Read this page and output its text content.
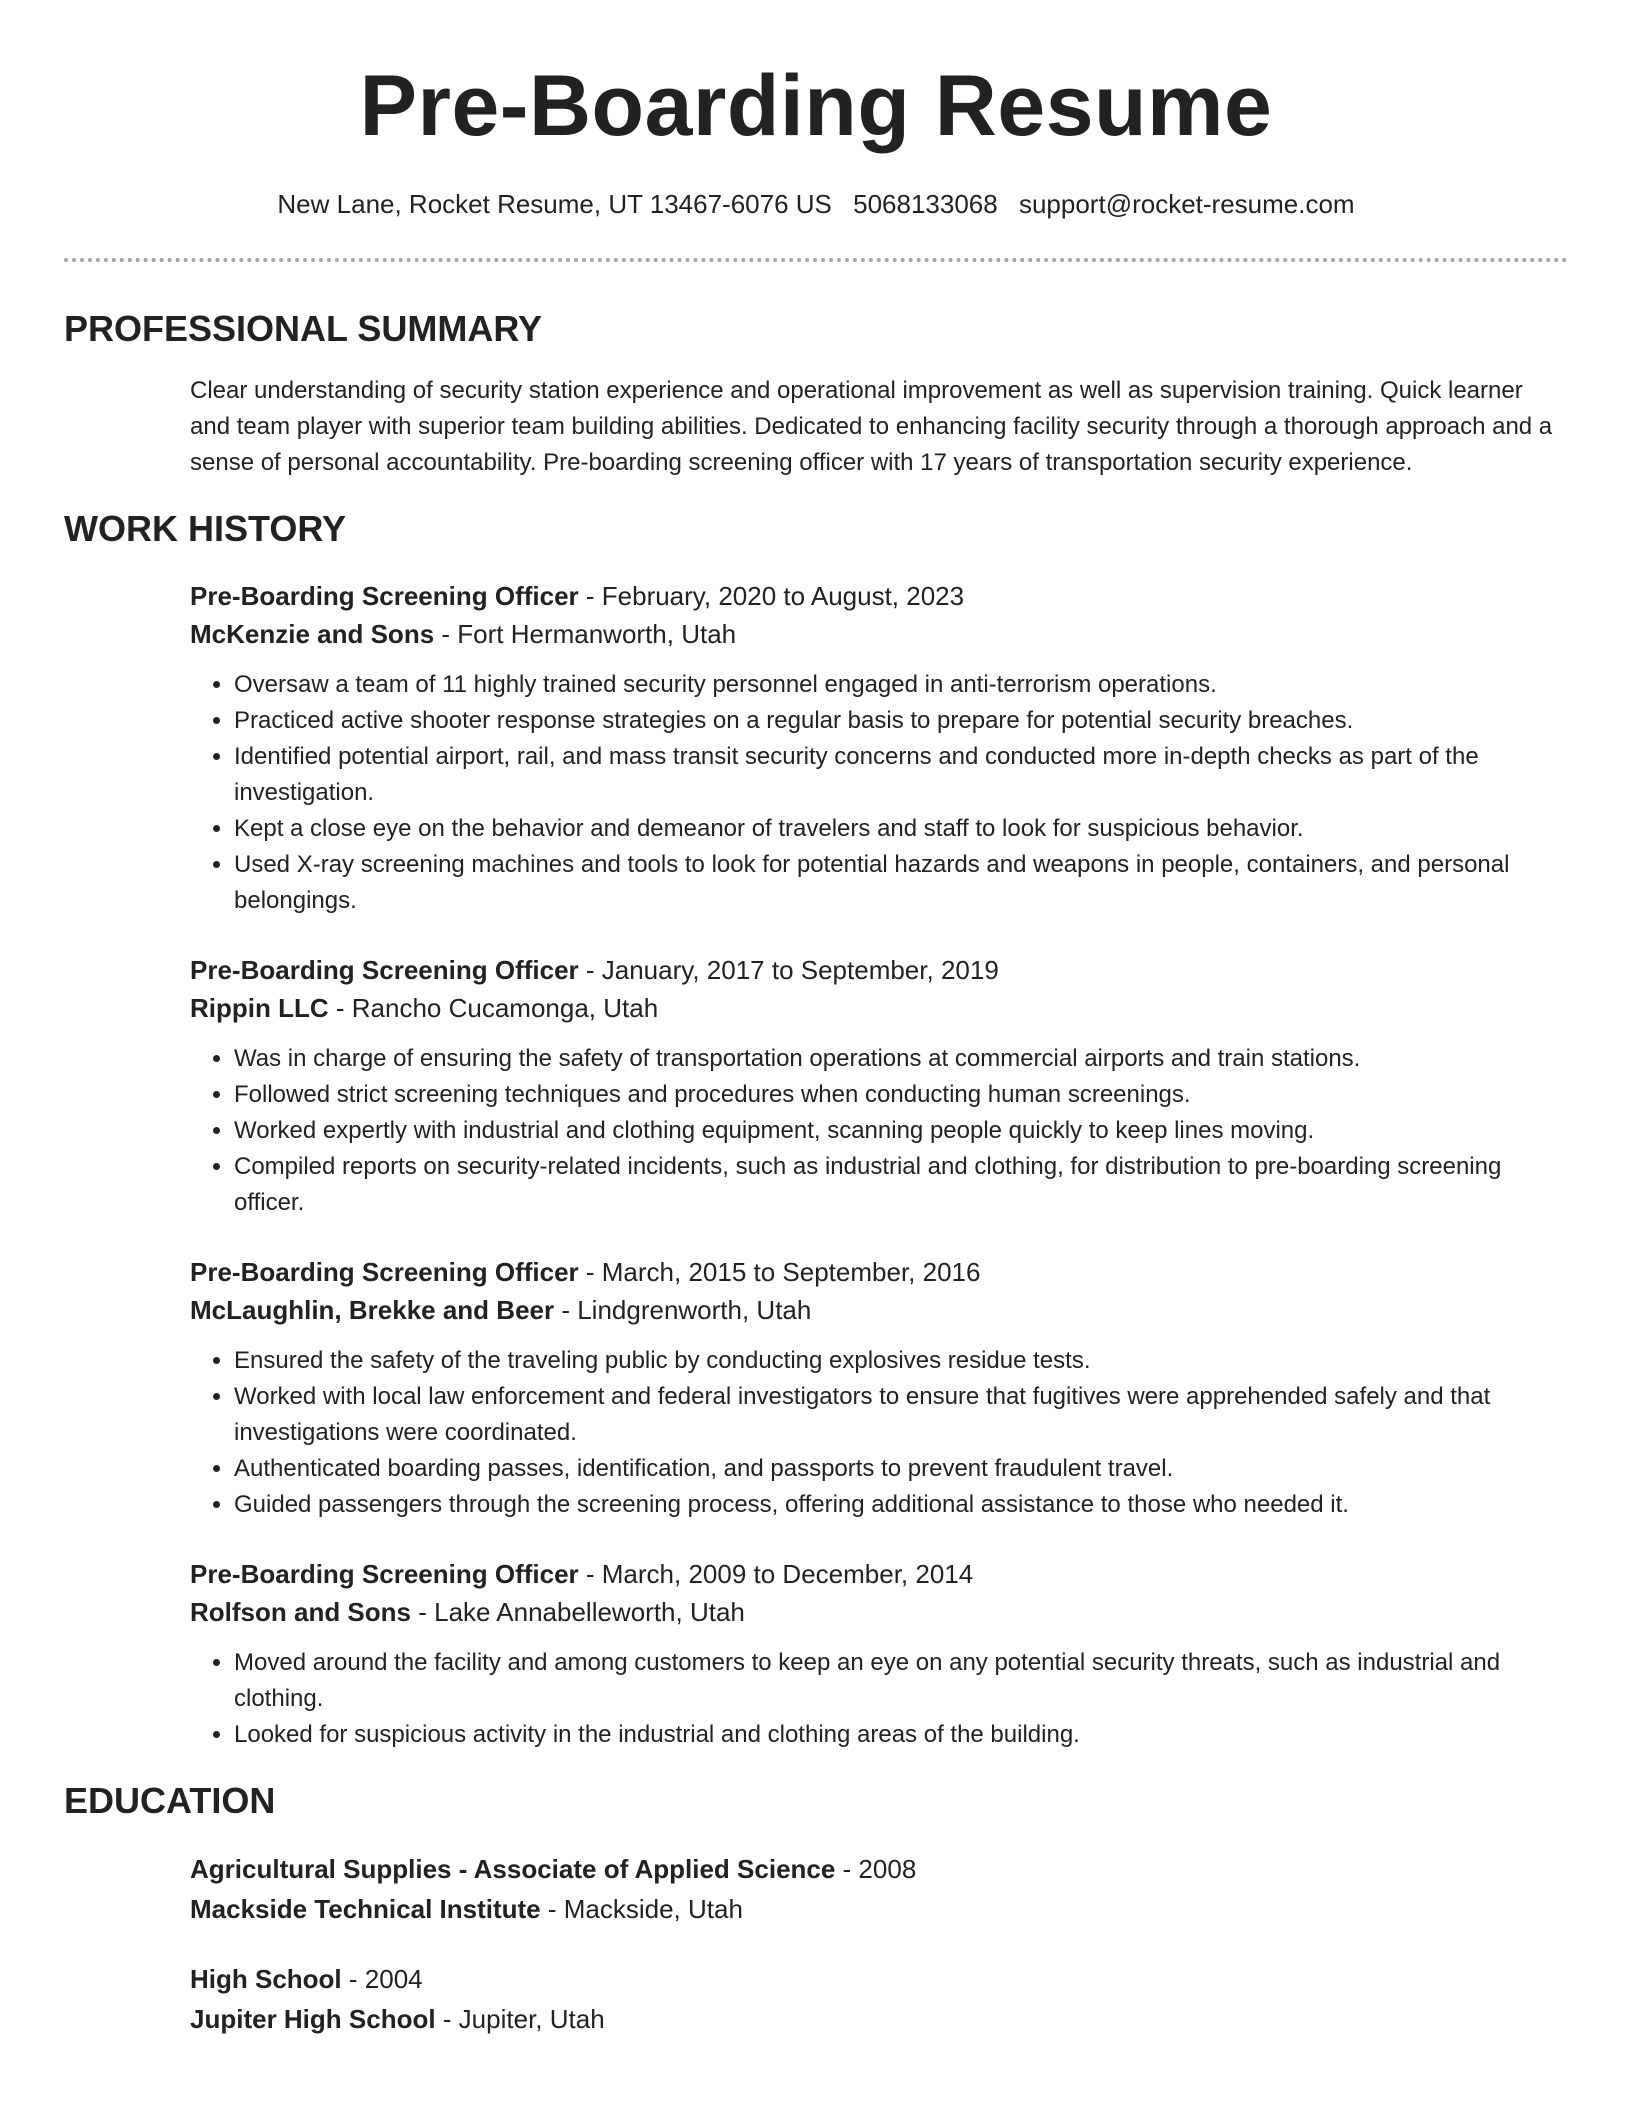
Pre-Boarding Resume
New Lane, Rocket Resume, UT 13467-6076 US 5068133068 support@rocket-resume.com
PROFESSIONAL SUMMARY
Clear understanding of security station experience and operational improvement as well as supervision training. Quick learner and team player with superior team building abilities. Dedicated to enhancing facility security through a thorough approach and a sense of personal accountability. Pre-boarding screening officer with 17 years of transportation security experience.
WORK HISTORY
Pre-Boarding Screening Officer - February, 2020 to August, 2023
McKenzie and Sons - Fort Hermanworth, Utah
• Oversaw a team of 11 highly trained security personnel engaged in anti-terrorism operations.
• Practiced active shooter response strategies on a regular basis to prepare for potential security breaches.
• Identified potential airport, rail, and mass transit security concerns and conducted more in-depth checks as part of the investigation.
• Kept a close eye on the behavior and demeanor of travelers and staff to look for suspicious behavior.
• Used X-ray screening machines and tools to look for potential hazards and weapons in people, containers, and personal belongings.
Pre-Boarding Screening Officer - January, 2017 to September, 2019
Rippin LLC - Rancho Cucamonga, Utah
• Was in charge of ensuring the safety of transportation operations at commercial airports and train stations.
• Followed strict screening techniques and procedures when conducting human screenings.
• Worked expertly with industrial and clothing equipment, scanning people quickly to keep lines moving.
• Compiled reports on security-related incidents, such as industrial and clothing, for distribution to pre-boarding screening officer.
Pre-Boarding Screening Officer - March, 2015 to September, 2016
McLaughlin, Brekke and Beer - Lindgrenworth, Utah
• Ensured the safety of the traveling public by conducting explosives residue tests.
• Worked with local law enforcement and federal investigators to ensure that fugitives were apprehended safely and that investigations were coordinated.
• Authenticated boarding passes, identification, and passports to prevent fraudulent travel.
• Guided passengers through the screening process, offering additional assistance to those who needed it.
Pre-Boarding Screening Officer - March, 2009 to December, 2014
Rolfson and Sons - Lake Annabelleworth, Utah
• Moved around the facility and among customers to keep an eye on any potential security threats, such as industrial and clothing.
• Looked for suspicious activity in the industrial and clothing areas of the building.
EDUCATION
Agricultural Supplies - Associate of Applied Science - 2008
Mackside Technical Institute - Mackside, Utah
High School - 2004
Jupiter High School - Jupiter, Utah
